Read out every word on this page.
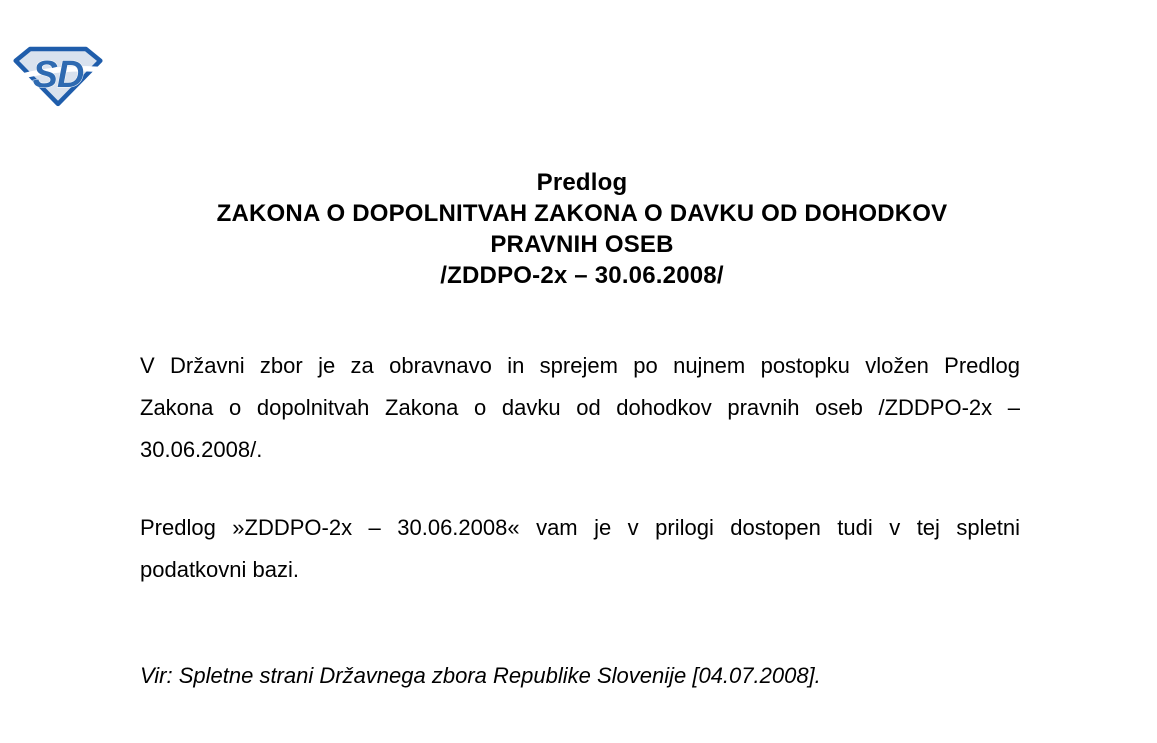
SD
Predlog
ZAKONA O DOPOLNITVAH ZAKONA O DAVKU OD DOHODKOV
PRAVNIH OSEB
/ZDDPO-2x – 30.06.2008/
V Državni zbor je za obravnavo in sprejem po nujnem postopku vložen Predlog
Zakona o dopolnitvah Zakona o davku od dohodkov pravnih oseb /ZDDPO-2x –
30.06.2008/.
Predlog »ZDDPO-2x – 30.06.2008« vam je v prilogi dostopen tudi v tej spletni
podatkovni bazi.
Vir: Spletne strani Državnega zbora Republike Slovenije [04.07.2008].
